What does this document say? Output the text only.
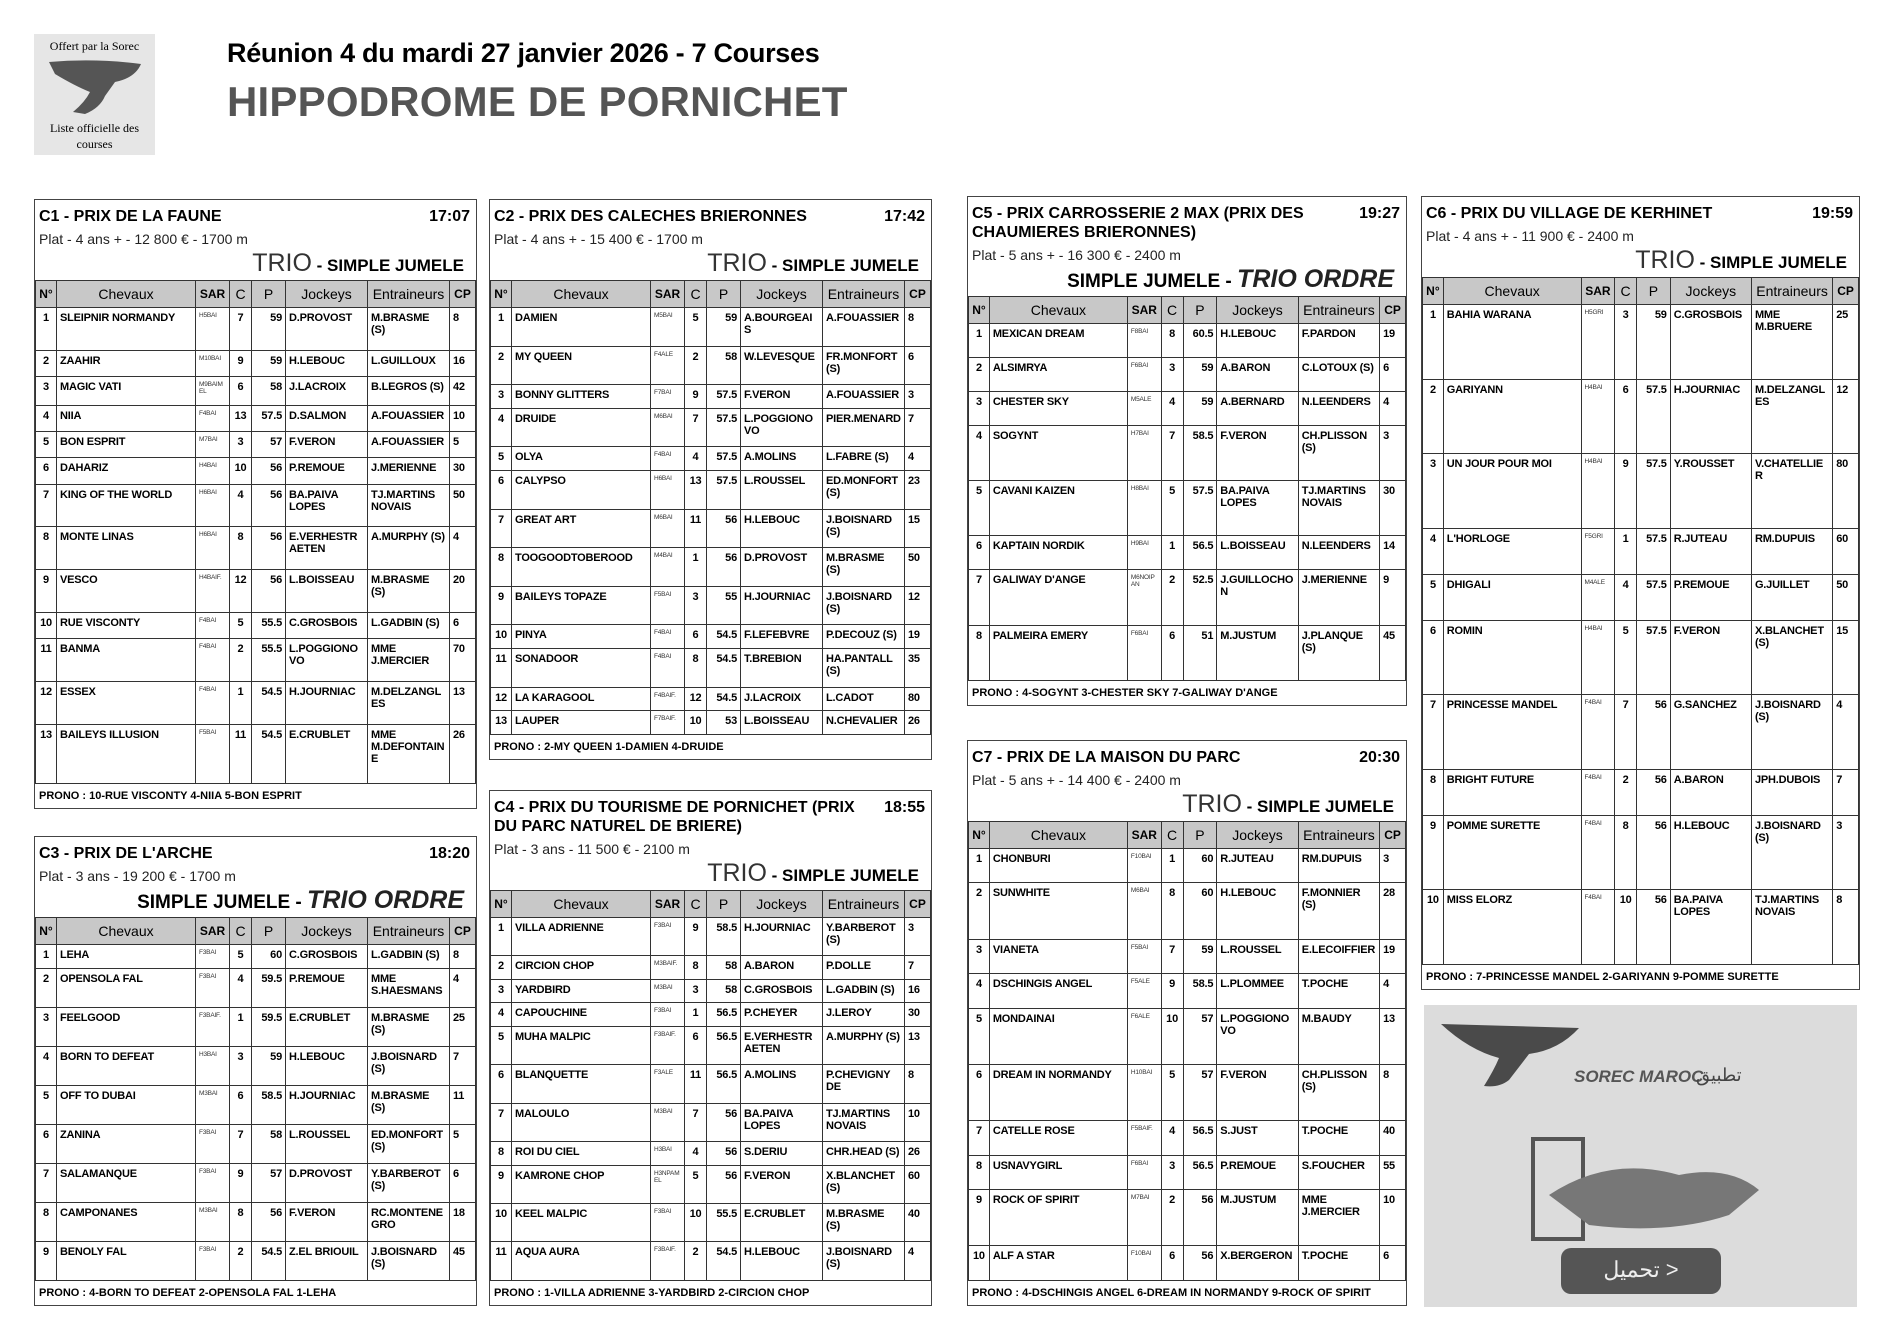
Offert par la Sorec
Liste officielle des courses
Réunion 4 du mardi 27 janvier 2026 - 7 Courses
HIPPODROME DE PORNICHET
C1 - PRIX DE LA FAUNE	17:07
Plat - 4 ans + - 12 800 € - 1700 m
TRIO - SIMPLE JUMELE
N°	Chevaux	SAR	C	P	Jockeys	Entraineurs	CP
1	SLEIPNIR NORMANDY	H5BAI	7	59	D.PROVOST	M.BRASME (S)	8
2	ZAAHIR	M10BAI	9	59	H.LEBOUC	L.GUILLOUX	16
3	MAGIC VATI	M9BAIMEL	6	58	J.LACROIX	B.LEGROS (S)	42
4	NIIA	F4BAI	13	57.5	D.SALMON	A.FOUASSIER	10
5	BON ESPRIT	M7BAI	3	57	F.VERON	A.FOUASSIER	5
6	DAHARIZ	H4BAI	10	56	P.REMOUE	J.MERIENNE	30
7	KING OF THE WORLD	H6BAI	4	56	BA.PAIVA LOPES	TJ.MARTINS NOVAIS	50
8	MONTE LINAS	H6BAI	8	56	E.VERHESTRAETEN	A.MURPHY (S)	4
9	VESCO	H4BAIF.	12	56	L.BOISSEAU	M.BRASME (S)	20
10	RUE VISCONTY	F4BAI	5	55.5	C.GROSBOIS	L.GADBIN (S)	6
11	BANMA	F4BAI	2	55.5	L.POGGIONOVO	MME J.MERCIER	70
12	ESSEX	F4BAI	1	54.5	H.JOURNIAC	M.DELZANGLES	13
13	BAILEYS ILLUSION	F5BAI	11	54.5	E.CRUBLET	MME M.DEFONTAINE	26
PRONO : 10-RUE VISCONTY 4-NIIA 5-BON ESPRIT
C2 - PRIX DES CALECHES BRIERONNES	17:42
Plat - 4 ans + - 15 400 € - 1700 m
TRIO - SIMPLE JUMELE
N°	Chevaux	SAR	C	P	Jockeys	Entraineurs	CP
1	DAMIEN	M5BAI	5	59	A.BOURGEAIS	A.FOUASSIER	8
2	MY QUEEN	F4ALE	2	58	W.LEVESQUE	FR.MONFORT (S)	6
3	BONNY GLITTERS	F7BAI	9	57.5	F.VERON	A.FOUASSIER	3
4	DRUIDE	M6BAI	7	57.5	L.POGGIONOVO	PIER.MENARD	7
5	OLYA	F4BAI	4	57.5	A.MOLINS	L.FABRE (S)	4
6	CALYPSO	H6BAI	13	57.5	L.ROUSSEL	ED.MONFORT (S)	23
7	GREAT ART	M6BAI	11	56	H.LEBOUC	J.BOISNARD (S)	15
8	TOOGOODTOBEROOD	M4BAI	1	56	D.PROVOST	M.BRASME (S)	50
9	BAILEYS TOPAZE	F5BAI	3	55	H.JOURNIAC	J.BOISNARD (S)	12
10	PINYA	F4BAI	6	54.5	F.LEFEBVRE	P.DECOUZ (S)	19
11	SONADOOR	F4BAI	8	54.5	T.BREBION	HA.PANTALL (S)	35
12	LA KARAGOOL	F4BAIF.	12	54.5	J.LACROIX	L.CADOT	80
13	LAUPER	F7BAIF.	10	53	L.BOISSEAU	N.CHEVALIER	26
PRONO : 2-MY QUEEN 1-DAMIEN 4-DRUIDE
C3 - PRIX DE L'ARCHE	18:20
Plat - 3 ans - 19 200 € - 1700 m
SIMPLE JUMELE - TRIO ORDRE
N°	Chevaux	SAR	C	P	Jockeys	Entraineurs	CP
1	LEHA	F3BAI	5	60	C.GROSBOIS	L.GADBIN (S)	8
2	OPENSOLA FAL	F3BAI	4	59.5	P.REMOUE	MME S.HAESMANS	4
3	FEELGOOD	F3BAIF.	1	59.5	E.CRUBLET	M.BRASME (S)	25
4	BORN TO DEFEAT	H3BAI	3	59	H.LEBOUC	J.BOISNARD (S)	7
5	OFF TO DUBAI	M3BAI	6	58.5	H.JOURNIAC	M.BRASME (S)	11
6	ZANINA	F3BAI	7	58	L.ROUSSEL	ED.MONFORT (S)	5
7	SALAMANQUE	F3BAI	9	57	D.PROVOST	Y.BARBEROT (S)	6
8	CAMPONANES	M3BAI	8	56	F.VERON	RC.MONTENEGRO	18
9	BENOLY FAL	F3BAI	2	54.5	Z.EL BRIOUIL	J.BOISNARD (S)	45
PRONO : 4-BORN TO DEFEAT 2-OPENSOLA FAL 1-LEHA
C4 - PRIX DU TOURISME DE PORNICHET (PRIX DU PARC NATUREL DE BRIERE)
18:55
Plat - 3 ans - 11 500 € - 2100 m
TRIO - SIMPLE JUMELE
N°	Chevaux	SAR	C	P	Jockeys	Entraineurs	CP
1	VILLA ADRIENNE	F3BAI	9	58.5	H.JOURNIAC	Y.BARBEROT (S)	3
2	CIRCION CHOP	M3BAIF.	8	58	A.BARON	P.DOLLE	7
3	YARDBIRD	M3BAI	3	58	C.GROSBOIS	L.GADBIN (S)	16
4	CAPOUCHINE	F3BAI	1	56.5	P.CHEYER	J.LEROY	30
5	MUHA MALPIC	F3BAIF.	6	56.5	E.VERHESTRAETEN	A.MURPHY (S)	13
6	BLANQUETTE	F3ALE	11	56.5	A.MOLINS	P.CHEVIGNY DE	8
7	MALOULO	M3BAI	7	56	BA.PAIVA LOPES	TJ.MARTINS NOVAIS	10
8	ROI DU CIEL	H3BAI	4	56	S.DERIU	CHR.HEAD (S)	26
9	KAMRONE CHOP	H3NPAMEL	5	56	F.VERON	X.BLANCHET (S)	60
10	KEEL MALPIC	F3BAI	10	55.5	E.CRUBLET	M.BRASME (S)	40
11	AQUA AURA	F3BAIF.	2	54.5	H.LEBOUC	J.BOISNARD (S)	4
PRONO : 1-VILLA ADRIENNE 3-YARDBIRD 2-CIRCION CHOP
C5 - PRIX CARROSSERIE 2 MAX (PRIX DES CHAUMIERES BRIERONNES)
19:27
Plat - 5 ans + - 16 300 € - 2400 m
SIMPLE JUMELE - TRIO ORDRE
N°	Chevaux	SAR	C	P	Jockeys	Entraineurs	CP
1	MEXICAN DREAM	F8BAI	8	60.5	H.LEBOUC	F.PARDON	19
2	ALSIMRYA	F6BAI	3	59	A.BARON	C.LOTOUX (S)	6
3	CHESTER SKY	M5ALE	4	59	A.BERNARD	N.LEENDERS	4
4	SOGYNT	H7BAI	7	58.5	F.VERON	CH.PLISSON (S)	3
5	CAVANI KAIZEN	H8BAI	5	57.5	BA.PAIVA LOPES	TJ.MARTINS NOVAIS	30
6	KAPTAIN NORDIK	H9BAI	1	56.5	L.BOISSEAU	N.LEENDERS	14
7	GALIWAY D'ANGE	M6NOIPAN	2	52.5	J.GUILLOCHON	J.MERIENNE	9
8	PALMEIRA EMERY	F6BAI	6	51	M.JUSTUM	J.PLANQUE (S)	45
PRONO : 4-SOGYNT 3-CHESTER SKY 7-GALIWAY D'ANGE
C6 - PRIX DU VILLAGE DE KERHINET	19:59
Plat - 4 ans + - 11 900 € - 2400 m
TRIO - SIMPLE JUMELE
N°	Chevaux	SAR	C	P	Jockeys	Entraineurs	CP
1	BAHIA WARANA	H5GRI	3	59	C.GROSBOIS	MME M.BRUERE	25
2	GARIYANN	H4BAI	6	57.5	H.JOURNIAC	M.DELZANGLES	12
3	UN JOUR POUR MOI	H4BAI	9	57.5	Y.ROUSSET	V.CHATELLIER	80
4	L'HORLOGE	F5GRI	1	57.5	R.JUTEAU	RM.DUPUIS	60
5	DHIGALI	M4ALE	4	57.5	P.REMOUE	G.JUILLET	50
6	ROMIN	H4BAI	5	57.5	F.VERON	X.BLANCHET (S)	15
7	PRINCESSE MANDEL	F4BAI	7	56	G.SANCHEZ	J.BOISNARD (S)	4
8	BRIGHT FUTURE	F4BAI	2	56	A.BARON	JPH.DUBOIS	7
9	POMME SURETTE	F4BAI	8	56	H.LEBOUC	J.BOISNARD (S)	3
10	MISS ELORZ	F4BAI	10	56	BA.PAIVA LOPES	TJ.MARTINS NOVAIS	8
PRONO : 7-PRINCESSE MANDEL 2-GARIYANN 9-POMME SURETTE
C7 - PRIX DE LA MAISON DU PARC	20:30
Plat - 5 ans + - 14 400 € - 2400 m
TRIO - SIMPLE JUMELE
N°	Chevaux	SAR	C	P	Jockeys	Entraineurs	CP
1	CHONBURI	F10BAI	1	60	R.JUTEAU	RM.DUPUIS	3
2	SUNWHITE	M6BAI	8	60	H.LEBOUC	F.MONNIER (S)	28
3	VIANETA	F5BAI	7	59	L.ROUSSEL	E.LECOIFFIER	19
4	DSCHINGIS ANGEL	F5ALE	9	58.5	L.PLOMMEE	T.POCHE	4
5	MONDAINAI	F6ALE	10	57	L.POGGIONOVO	M.BAUDY	13
6	DREAM IN NORMANDY	H10BAI	5	57	F.VERON	CH.PLISSON (S)	8
7	CATELLE ROSE	F5BAIF.	4	56.5	S.JUST	T.POCHE	40
8	USNAVYGIRL	F6BAI	3	56.5	P.REMOUE	S.FOUCHER	55
9	ROCK OF SPIRIT	M7BAI	2	56	M.JUSTUM	MME J.MERCIER	10
10	ALF A STAR	F10BAI	6	56	X.BERGERON	T.POCHE	6
PRONO : 4-DSCHINGIS ANGEL 6-DREAM IN NORMANDY 9-ROCK OF SPIRIT
SOREC MAROC
تطبيق
تحميل >
